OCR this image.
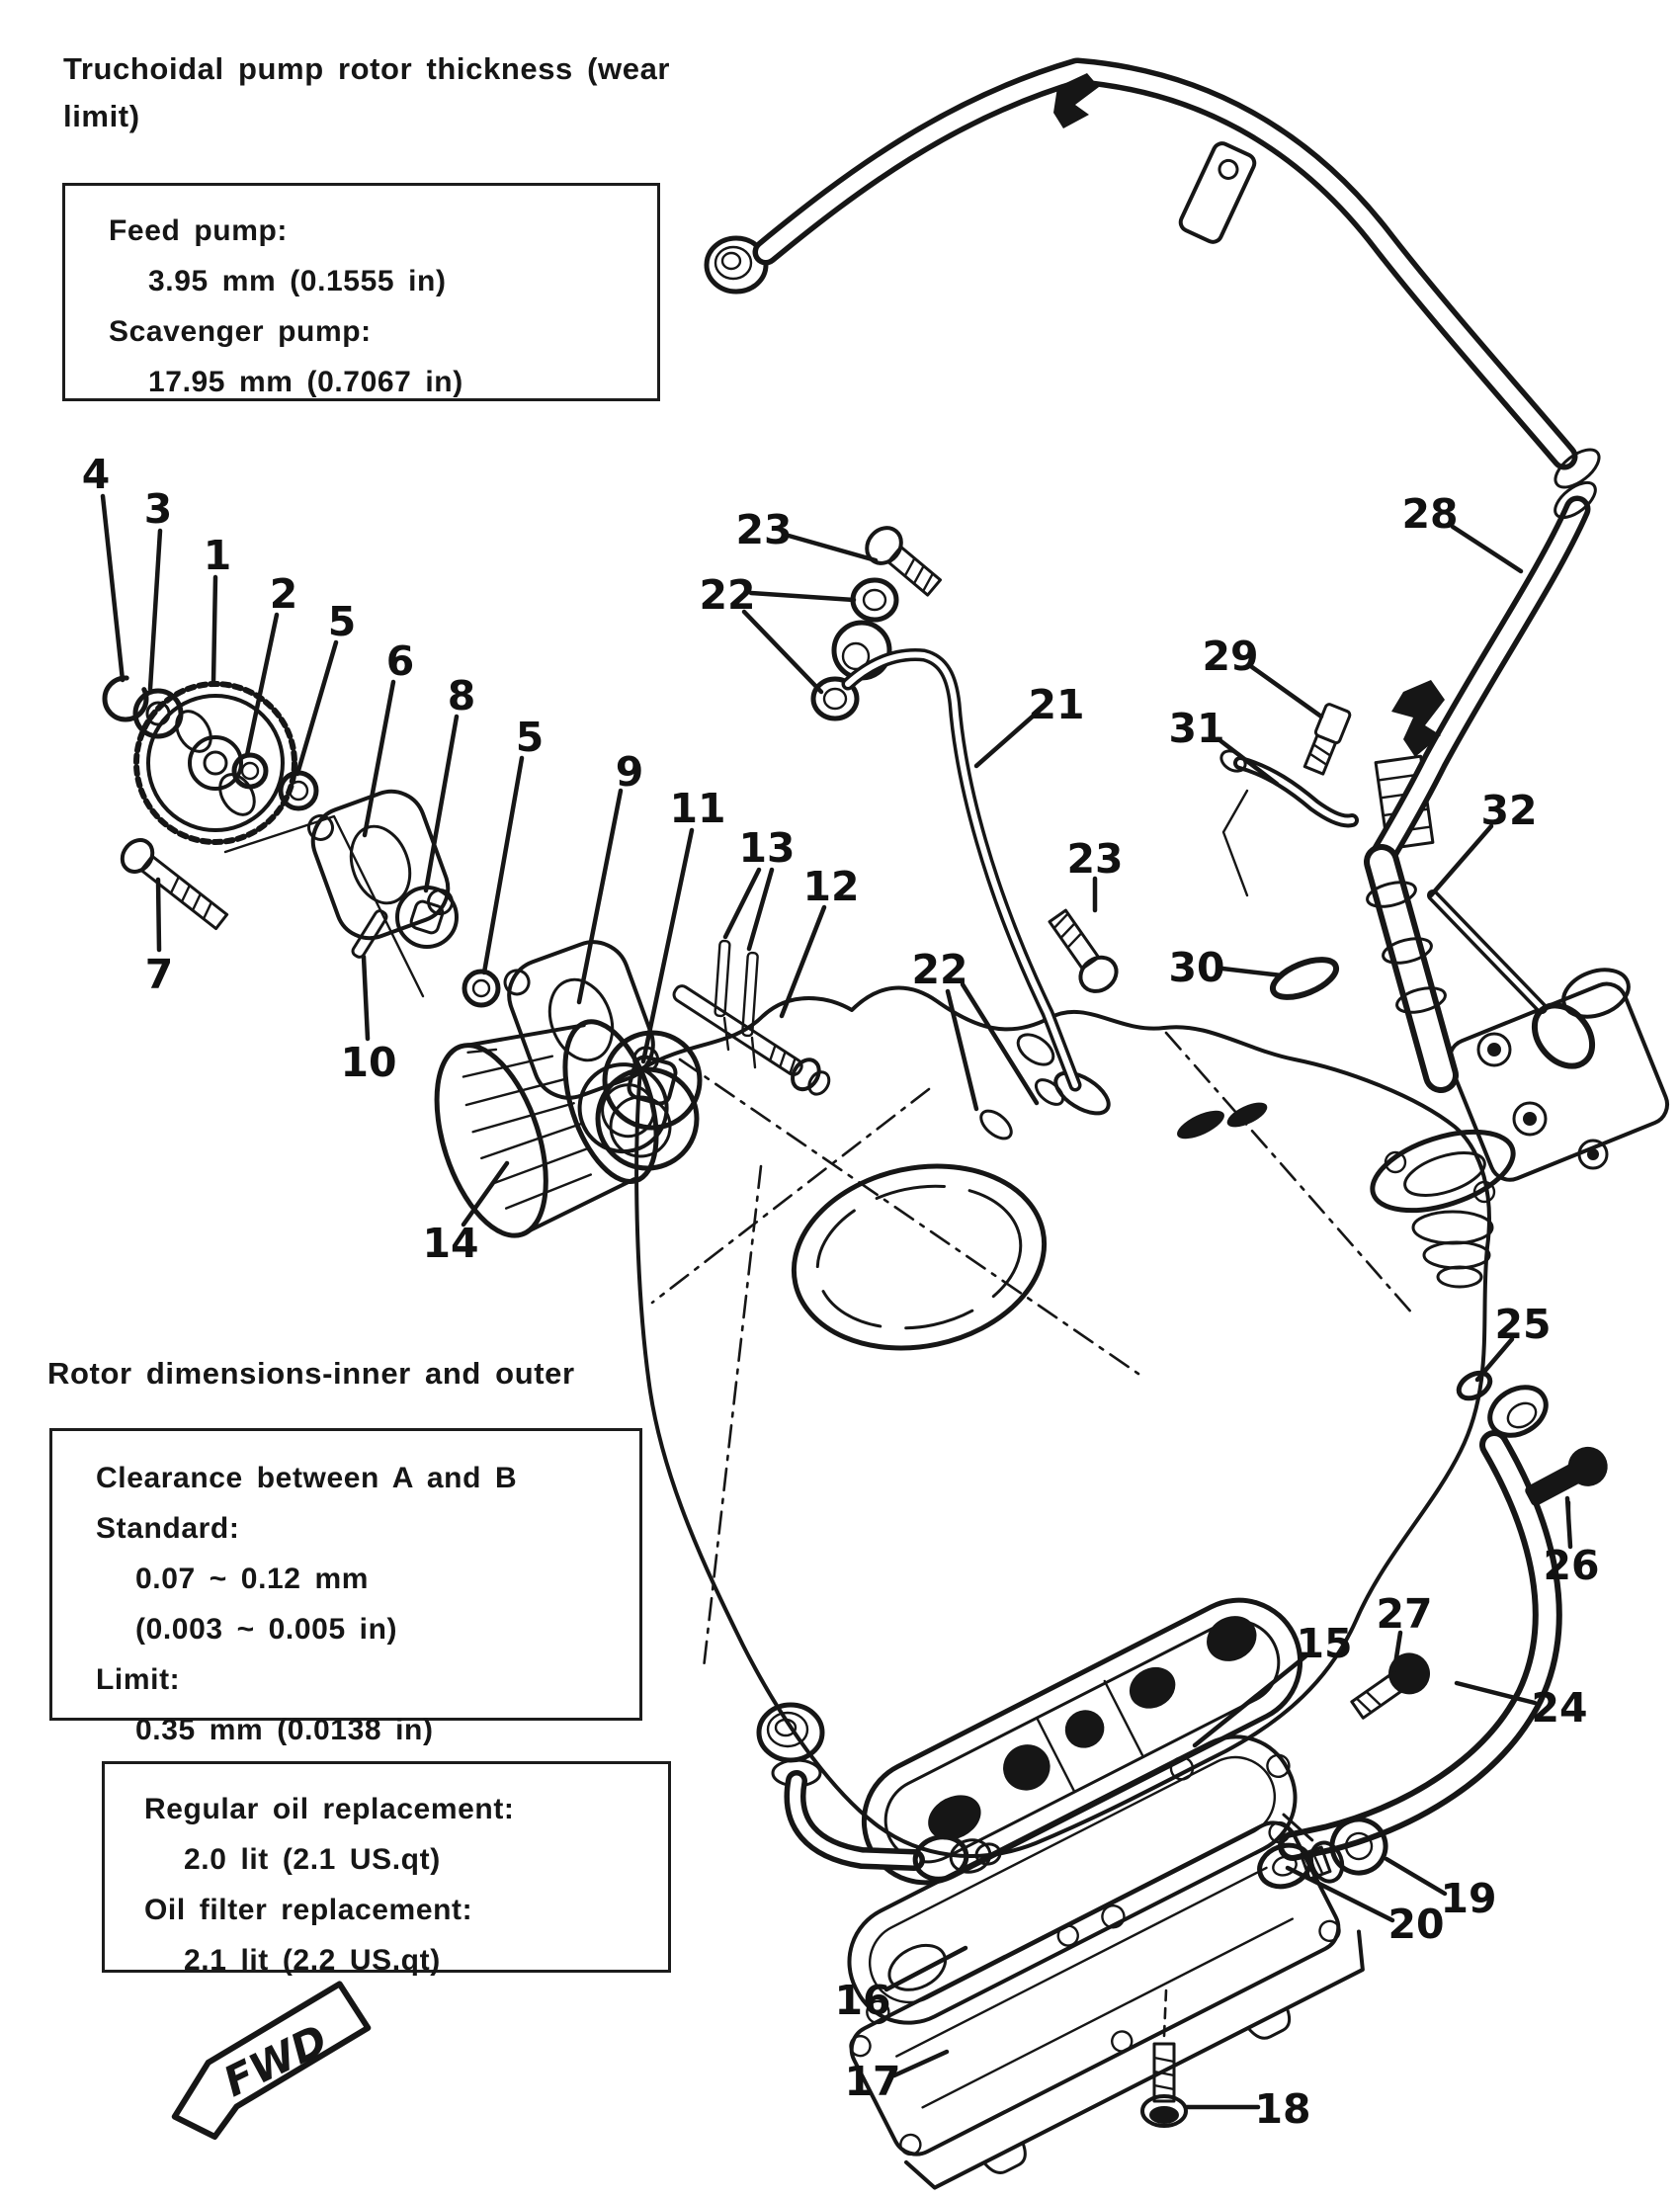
FWD
4
3
1
2
5
6
8
5
9
11
13
12
7
10
14
23
22
21
28
29
31
32
23
22	30
25
26
15
27
24
19
20
16
17
18
Truchoidal pump rotor thickness (wear
limit)
Feed pump:
3.95 mm (0.1555 in)
Scavenger pump:
17.95 mm (0.7067 in)
Rotor dimensions-inner and outer
Clearance between A and B
Standard:
0.07 ~ 0.12 mm
(0.003 ~ 0.005 in)
Limit:
0.35 mm (0.0138 in)
Regular oil replacement:
2.0 lit (2.1 US.qt)
Oil filter replacement:
2.1 lit (2.2 US.qt)
